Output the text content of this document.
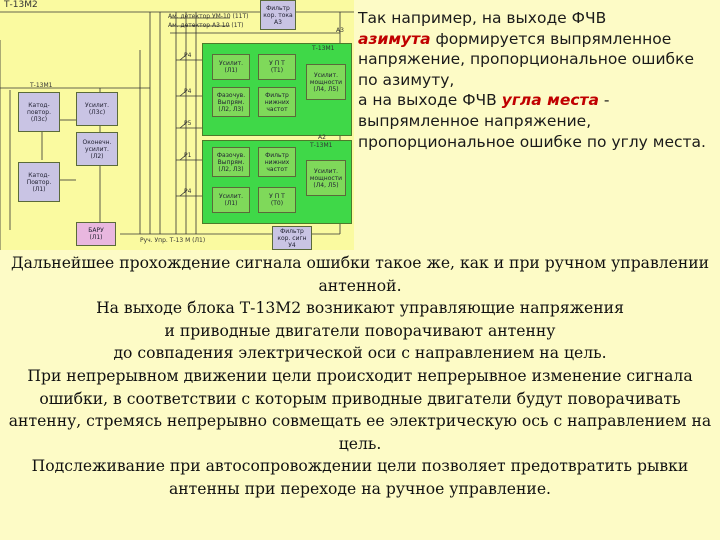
Т-13М2
Ам. детектор УМ-10 (11Т)
Ам. детектор А3 10 (1Т)
Фильтр
кор. тока
А3
Т-13М1
Т-13М1
А3
А2
Усилит.
(Л1)
У П Т
(Т1)
Усилит.
мощности
(Л4, Л5)
Фазочув.
Выпрям.
(Л2, Л3)
Фильтр
нижних
частот
Фазочув.
Выпрям.
(Л2, Л3)
Фильтр
нижних
частот	Усилит.
мощности
(Л4, Л5)
Усилит.
(Л1)
У П Т
(Т0)
Т-13М1
Катод-
повтор.
(Л3с)
Усилит.
(Л3с)
Оконечн.
усилит.
(Л2)
Катод-
Повтор.
(Л1)
БАРУ
(Л1)
Фильтр
кор. сигн
У4
Руч. Упр. Т-13 М (Л1)
Р4
Р4
Р5
Р1
Р4
Так например, на выходе ФЧВ
азимута формируется выпрямленное напряжение, пропорциональное ошибке по азимуту,
а на выходе ФЧВ угла места - выпрямленное напряжение, пропорциональное ошибке по углу места.

Дальнейшее прохождение сигнала ошибки такое же, как и при ручном управлении антенной.

На выходе блока Т-13М2 возникают управляющие напряжения

и приводные двигатели поворачивают антенну

до совпадения электрической оси с направлением на цель.

При непрерывном движении цели происходит непрерывное изменение сигнала ошибки, в соответствии с которым приводные двигатели будут поворачивать антенну, стремясь непрерывно совмещать ее электрическую ось с направлением на цель.

Подслеживание при автосопровождении цели позволяет предотвратить рывки антенны при переходе на ручное управление.
